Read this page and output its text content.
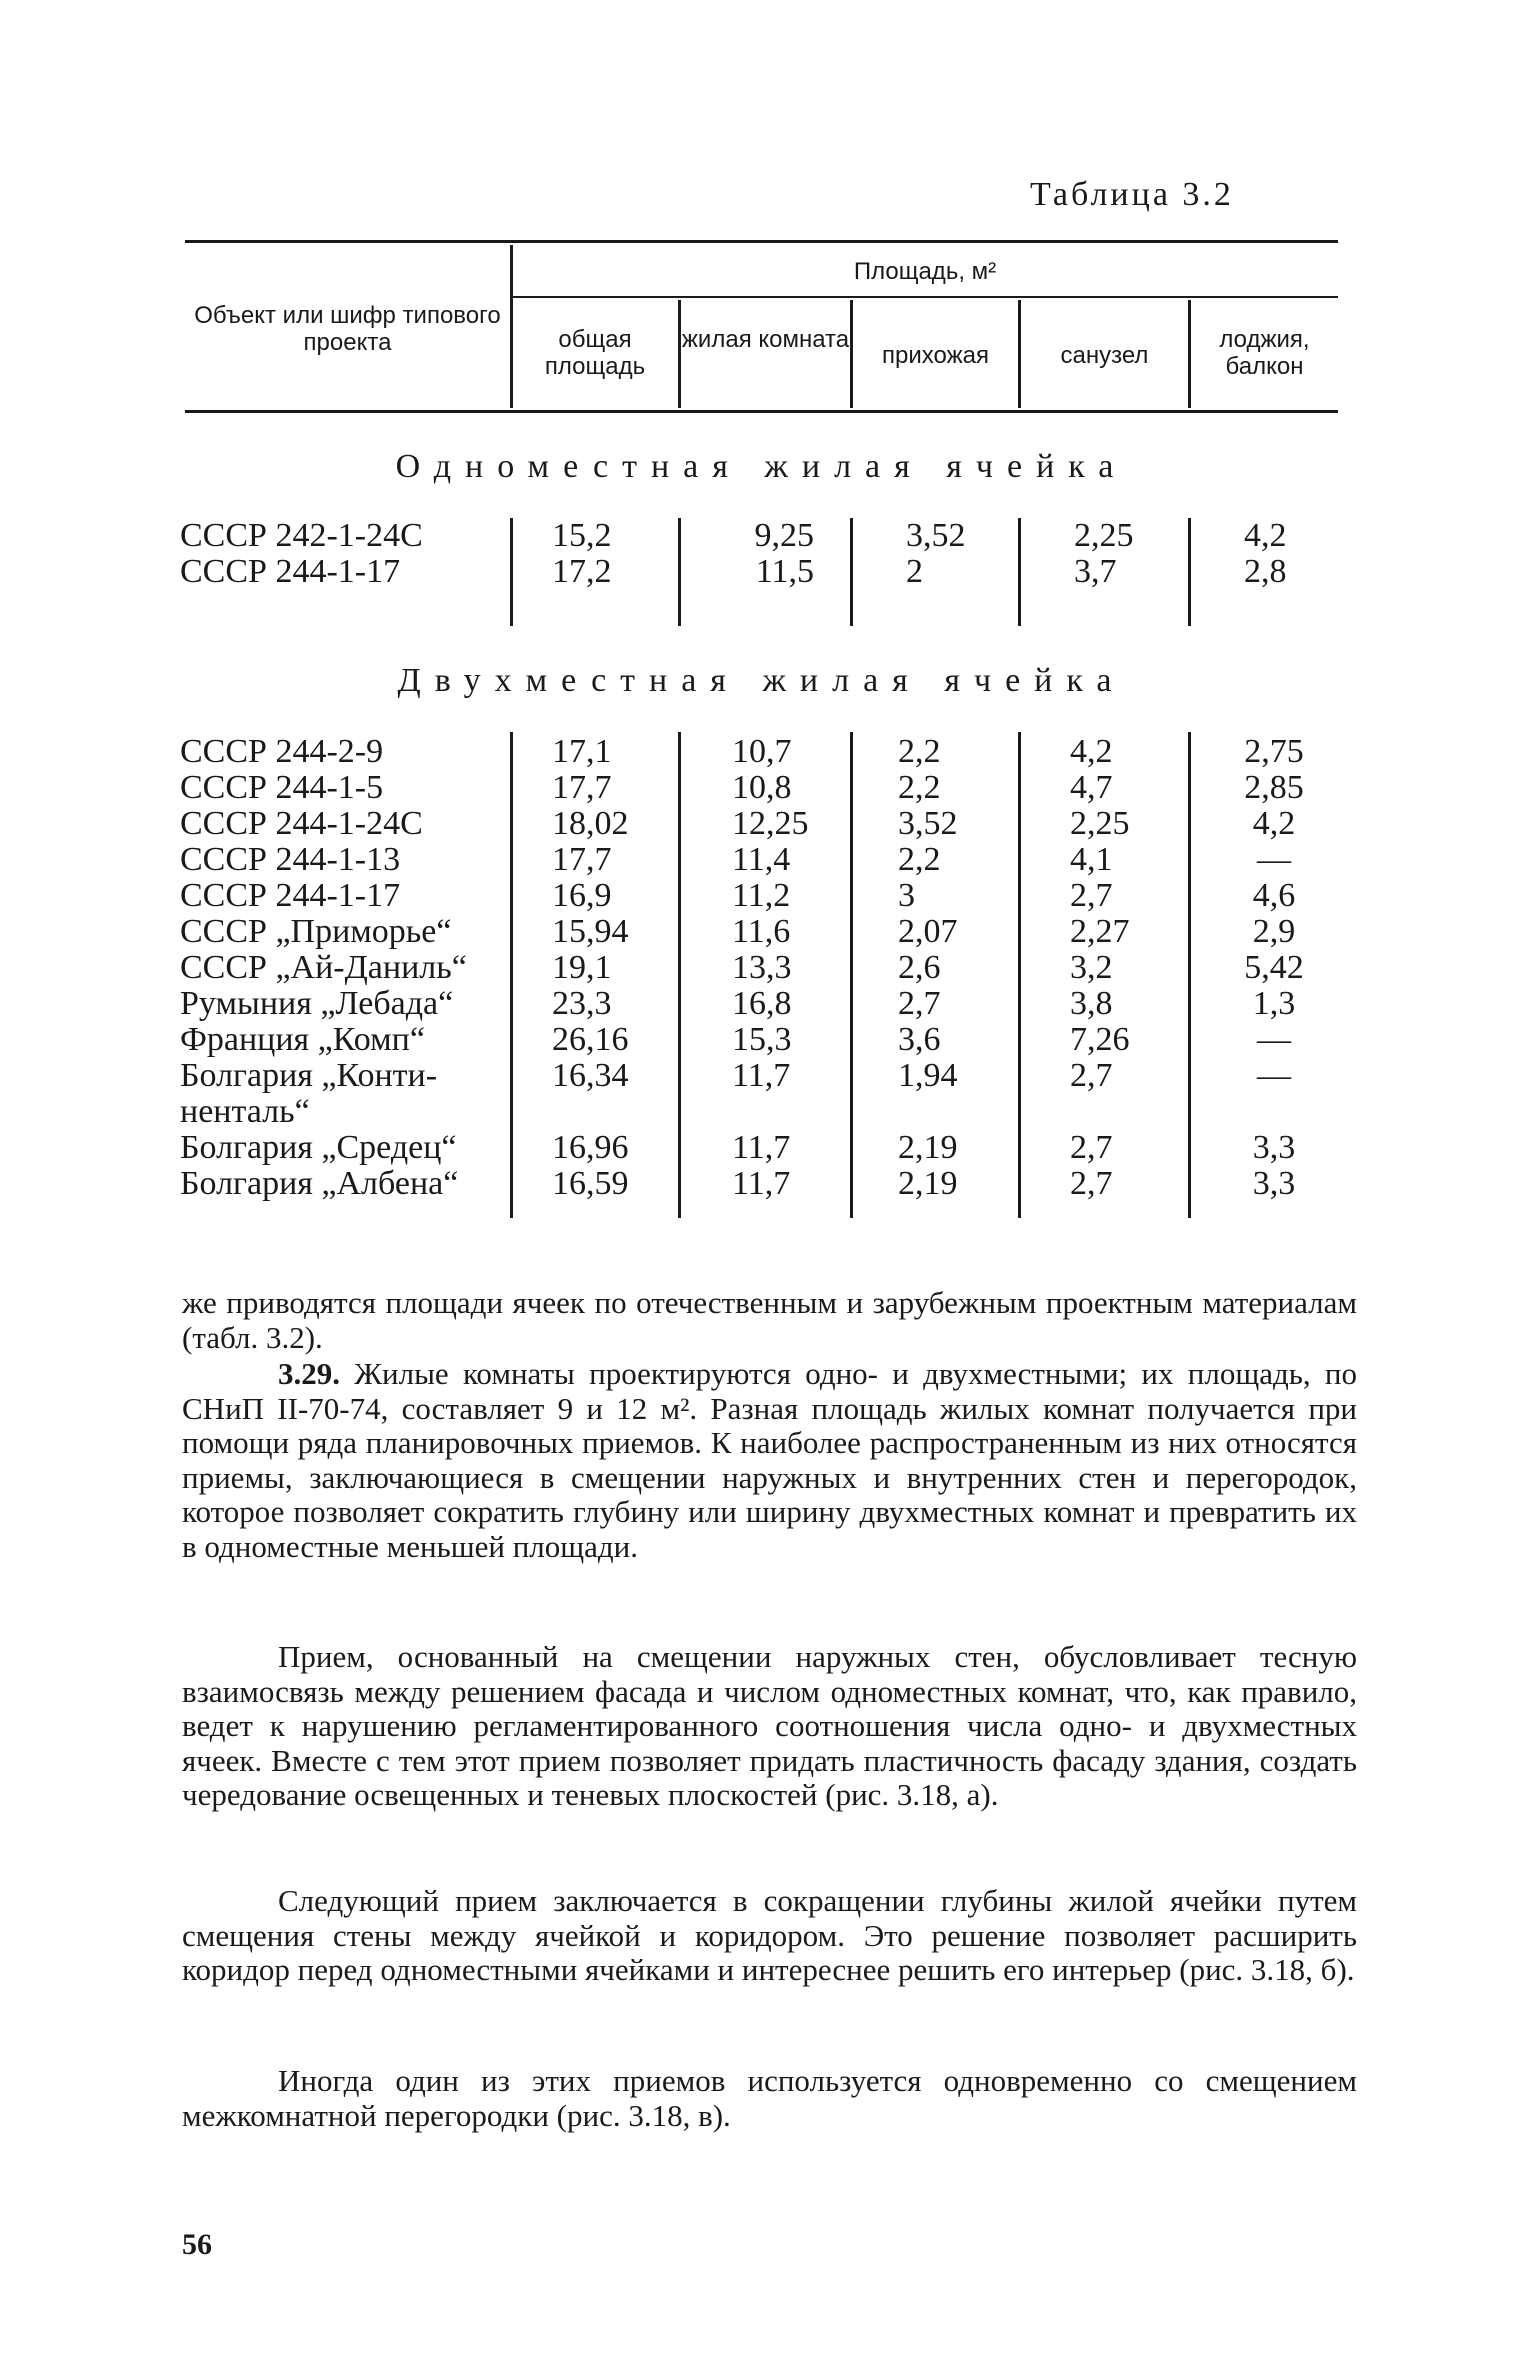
Таблица 3.2
Объект или шифр типового проекта
Площадь, м²
общая площадь
жилая комната
прихожая	санузел
лоджия, балкон
Одноместная жилая ячейка
СССР 242-1-24С
СССР 244-1-17
15,2
17,2
9,25
11,5
3,52
2
2,25
3,7
4,2
2,8
Двухместная жилая ячейка
СССР 244-2-9
СССР 244-1-5
СССР 244-1-24С
СССР 244-1-13
СССР 244-1-17
СССР „Приморье“
СССР „Ай-Даниль“
Румыния „Лебада“
Франция „Комп“
Болгария „Конти-
ненталь“
Болгария „Средец“
Болгария „Албена“
17,1
17,7
18,02
17,7
16,9
15,94
19,1
23,3
26,16
16,34
16,96
16,59
10,7
10,8
12,25
11,4
11,2
11,6
13,3
16,8
15,3
11,7
11,7
11,7
2,2
2,2
3,52
2,2
3
2,07
2,6
2,7
3,6
1,94
2,19
2,19
4,2
4,7
2,25
4,1
2,7
2,27
3,2
3,8
7,26
2,7
2,7
2,7
2,75
2,85
4,2
—
4,6
2,9
5,42
1,3
—
—
3,3
3,3

же приводятся площади ячеек по отечественным и зарубежным проектным материалам (табл. 3.2).

3.29. Жилые комнаты проектируются одно- и двухместными; их площадь, по СНиП II-70-74, составляет 9 и 12 м². Разная площадь жилых комнат получается при помощи ряда планировочных приемов. К наиболее распространенным из них относятся приемы, заключающиеся в смещении наружных и внутренних стен и перегородок, которое позволяет сократить глубину или ширину двухместных комнат и превратить их в одноместные меньшей площади.

Прием, основанный на смещении наружных стен, обусловливает тесную взаимосвязь между решением фасада и числом одноместных комнат, что, как правило, ведет к нарушению регламентированного соотношения числа одно- и двухместных ячеек. Вместе с тем этот прием позволяет придать пластичность фасаду здания, создать чередование освещенных и теневых плоскостей (рис. 3.18, а).

Следующий прием заключается в сокращении глубины жилой ячейки путем смещения стены между ячейкой и коридором. Это решение позволяет расширить коридор перед одноместными ячейками и интереснее решить его интерьер (рис. 3.18, б).

Иногда один из этих приемов используется одновременно со смещением межкомнатной перегородки (рис. 3.18, в).

56
